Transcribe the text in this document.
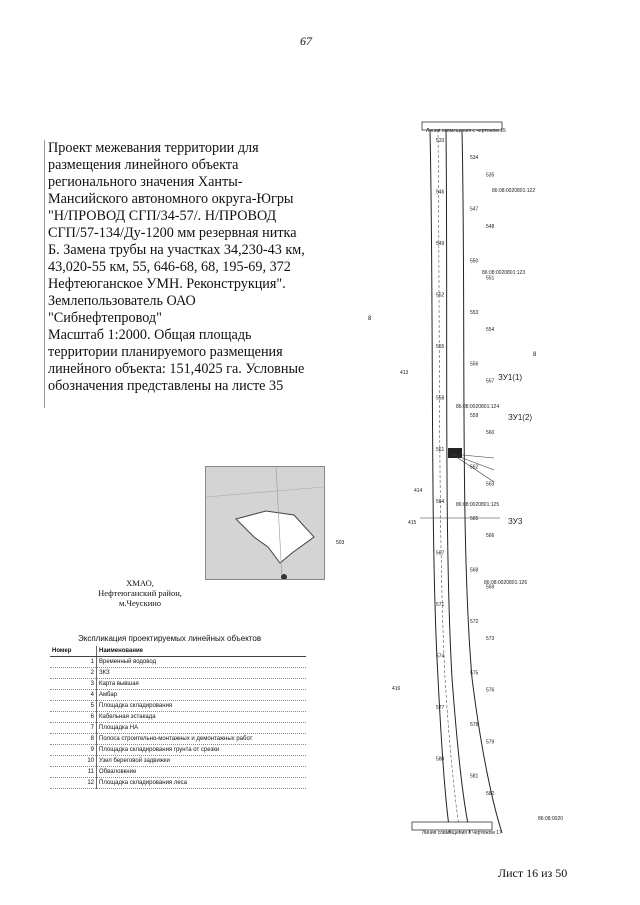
67

Проект межевания территории для
размещения линейного объекта
регионального значения Ханты-
Мансийского автономного округа-Югры
"Н/ПРОВОД СГП/34-57/. Н/ПРОВОД
СГП/57-134/Ду-1200 мм резервная нитка
Б. Замена трубы на участках 34,230-43 км,
43,020-55 км, 55, 646-68, 68, 195-69, 372
Нефтеюганское УМН. Реконструкция".
Землепользователь ОАО
"Сибнефтепровод"
Масштаб 1:2000. Общая площадь
территории планируемого размещения
линейного объекта: 151,4025 га. Условные
обозначения представлены на листе 35

8
503
ХМАО,
Нефтеюганский район,
м.Чеускино
Экспликация проектируемых линейных объектов
Номер	Наименование
1	Временный водовод
2	ЗКЗ
3	Карта вывшая
4	Амбар
5	Площадка складирования
6	Кабельная эстакада
7	Площадка НА
8	Полоса строительно-монтажных и демонтажных работ
9	Площадка складирования грунта от срезки
10	Узел береговой задвижки
11	Обваловкние
12	Площадка складирования леса
Линия совмещения с чертежом 15
Линия совмещения с чертежом 17
86:08:0020801:122
86:08:0020801:123
86:08:0020801:124
86:08:0020801:125
86:08:0020801:126
ЗУ1(1)
ЗУ1(2)
ЗУ3
413
414
415
416
86:08:0020
533
534
535
546
547
548
549
550
551
552
553
554
555
556
557
558
559
560
561
562
563
564
565
566
567
568
569
571
572
573
574
575
576
577
578
579
580
581
582
8
Лист 16 из 50
